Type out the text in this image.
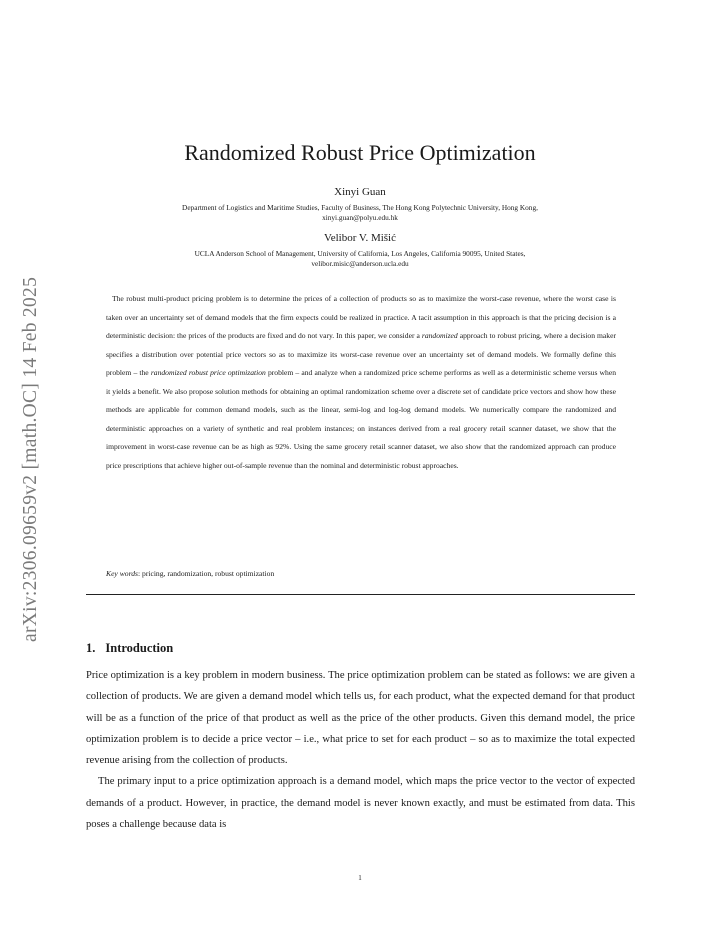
arXiv:2306.09659v2 [math.OC] 14 Feb 2025
Randomized Robust Price Optimization
Xinyi Guan
Department of Logistics and Maritime Studies, Faculty of Business, The Hong Kong Polytechnic University, Hong Kong,
xinyi.guan@polyu.edu.hk
Velibor V. Mišić
UCLA Anderson School of Management, University of California, Los Angeles, California 90095, United States,
velibor.misic@anderson.ucla.edu

The robust multi-product pricing problem is to determine the prices of a collection of products so as to maximize the worst-case revenue, where the worst case is taken over an uncertainty set of demand models that the firm expects could be realized in practice. A tacit assumption in this approach is that the pricing decision is a deterministic decision: the prices of the products are fixed and do not vary. In this paper, we consider a randomized approach to robust pricing, where a decision maker specifies a distribution over potential price vectors so as to maximize its worst-case revenue over an uncertainty set of demand models. We formally define this problem – the randomized robust price optimization problem – and analyze when a randomized price scheme performs as well as a deterministic scheme versus when it yields a benefit. We also propose solution methods for obtaining an optimal randomization scheme over a discrete set of candidate price vectors and show how these methods are applicable for common demand models, such as the linear, semi-log and log-log demand models. We numerically compare the randomized and deterministic approaches on a variety of synthetic and real problem instances; on instances derived from a real grocery retail scanner dataset, we show that the improvement in worst-case revenue can be as high as 92%. Using the same grocery retail scanner dataset, we also show that the randomized approach can produce price prescriptions that achieve higher out-of-sample revenue than the nominal and deterministic robust approaches.

Key words: pricing, randomization, robust optimization
1. Introduction

Price optimization is a key problem in modern business. The price optimization problem can be stated as follows: we are given a collection of products. We are given a demand model which tells us, for each product, what the expected demand for that product will be as a function of the price of that product as well as the price of the other products. Given this demand model, the price optimization problem is to decide a price vector – i.e., what price to set for each product – so as to maximize the total expected revenue arising from the collection of products.

The primary input to a price optimization approach is a demand model, which maps the price vector to the vector of expected demands of a product. However, in practice, the demand model is never known exactly, and must be estimated from data. This poses a challenge because data is

1
